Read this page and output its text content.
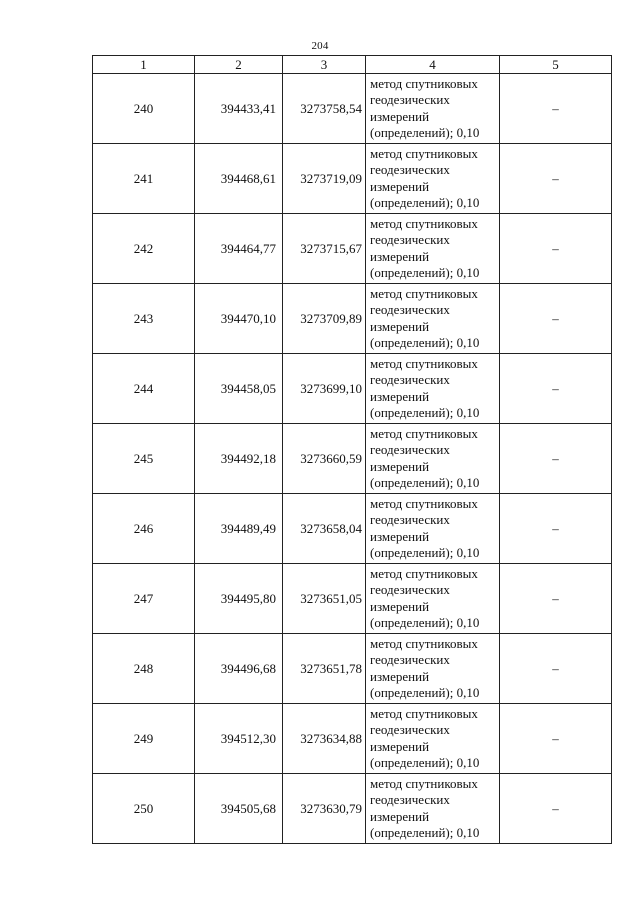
204
1	2	3	4	5
240	394433,41	3273758,54	метод спутниковых
геодезических
измерений
(определений); 0,10	–
241	394468,61	3273719,09	метод спутниковых
геодезических
измерений
(определений); 0,10	–
242	394464,77	3273715,67	метод спутниковых
геодезических
измерений
(определений); 0,10	–
243	394470,10	3273709,89	метод спутниковых
геодезических
измерений
(определений); 0,10	–
244	394458,05	3273699,10	метод спутниковых
геодезических
измерений
(определений); 0,10	–
245	394492,18	3273660,59	метод спутниковых
геодезических
измерений
(определений); 0,10	–
246	394489,49	3273658,04	метод спутниковых
геодезических
измерений
(определений); 0,10	–
247	394495,80	3273651,05	метод спутниковых
геодезических
измерений
(определений); 0,10	–
248	394496,68	3273651,78	метод спутниковых
геодезических
измерений
(определений); 0,10	–
249	394512,30	3273634,88	метод спутниковых
геодезических
измерений
(определений); 0,10	–
250	394505,68	3273630,79	метод спутниковых
геодезических
измерений
(определений); 0,10	–
